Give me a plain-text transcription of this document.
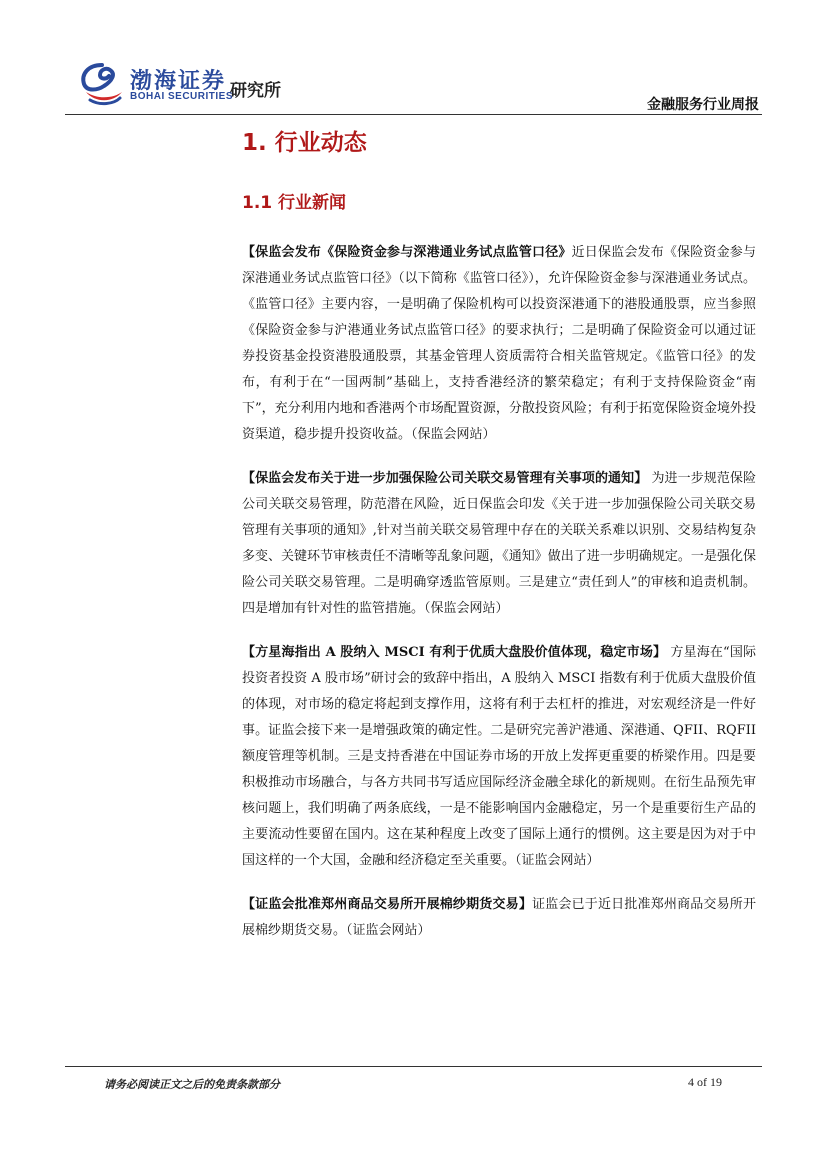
渤海证券
BOHAI SECURITIES
研究所
金融服务行业周报
1. 行业动态
1.1 行业新闻

【保监会发布《保险资金参与深港通业务试点监管口径》近日保监会发布《保险资金参与深港通业务试点监管口径》（以下简称《监管口径》），允许保险资金参与深港通业务试点。《监管口径》主要内容，一是明确了保险机构可以投资深港通下的港股通股票，应当参照《保险资金参与沪港通业务试点监管口径》的要求执行；二是明确了保险资金可以通过证券投资基金投资港股通股票，其基金管理人资质需符合相关监管规定。《监管口径》的发布，有利于在“一国两制”基础上，支持香港经济的繁荣稳定；有利于支持保险资金“南下”，充分利用内地和香港两个市场配置资源，分散投资风险；有利于拓宽保险资金境外投资渠道，稳步提升投资收益。（保监会网站）

【保监会发布关于进一步加强保险公司关联交易管理有关事项的通知】 为进一步规范保险公司关联交易管理，防范潜在风险，近日保监会印发《关于进一步加强保险公司关联交易管理有关事项的通知》,针对当前关联交易管理中存在的关联关系难以识别、交易结构复杂多变、关键环节审核责任不清晰等乱象问题，《通知》做出了进一步明确规定。一是强化保险公司关联交易管理。二是明确穿透监管原则。三是建立“责任到人”的审核和追责机制。四是增加有针对性的监管措施。（保监会网站）

【方星海指出 A 股纳入 MSCI 有利于优质大盘股价值体现，稳定市场】 方星海在“国际投资者投资 A 股市场”研讨会的致辞中指出，A 股纳入 MSCI 指数有利于优质大盘股价值的体现，对市场的稳定将起到支撑作用，这将有利于去杠杆的推进，对宏观经济是一件好事。证监会接下来一是增强政策的确定性。二是研究完善沪港通、深港通、QFII、RQFII 额度管理等机制。三是支持香港在中国证券市场的开放上发挥更重要的桥梁作用。四是要积极推动市场融合，与各方共同书写适应国际经济金融全球化的新规则。在衍生品预先审核问题上，我们明确了两条底线，一是不能影响国内金融稳定，另一个是重要衍生产品的主要流动性要留在国内。这在某种程度上改变了国际上通行的惯例。这主要是因为对于中国这样的一个大国，金融和经济稳定至关重要。（证监会网站）

【证监会批准郑州商品交易所开展棉纱期货交易】证监会已于近日批准郑州商品交易所开展棉纱期货交易。（证监会网站）

请务必阅读正文之后的免责条款部分	4 of 19
